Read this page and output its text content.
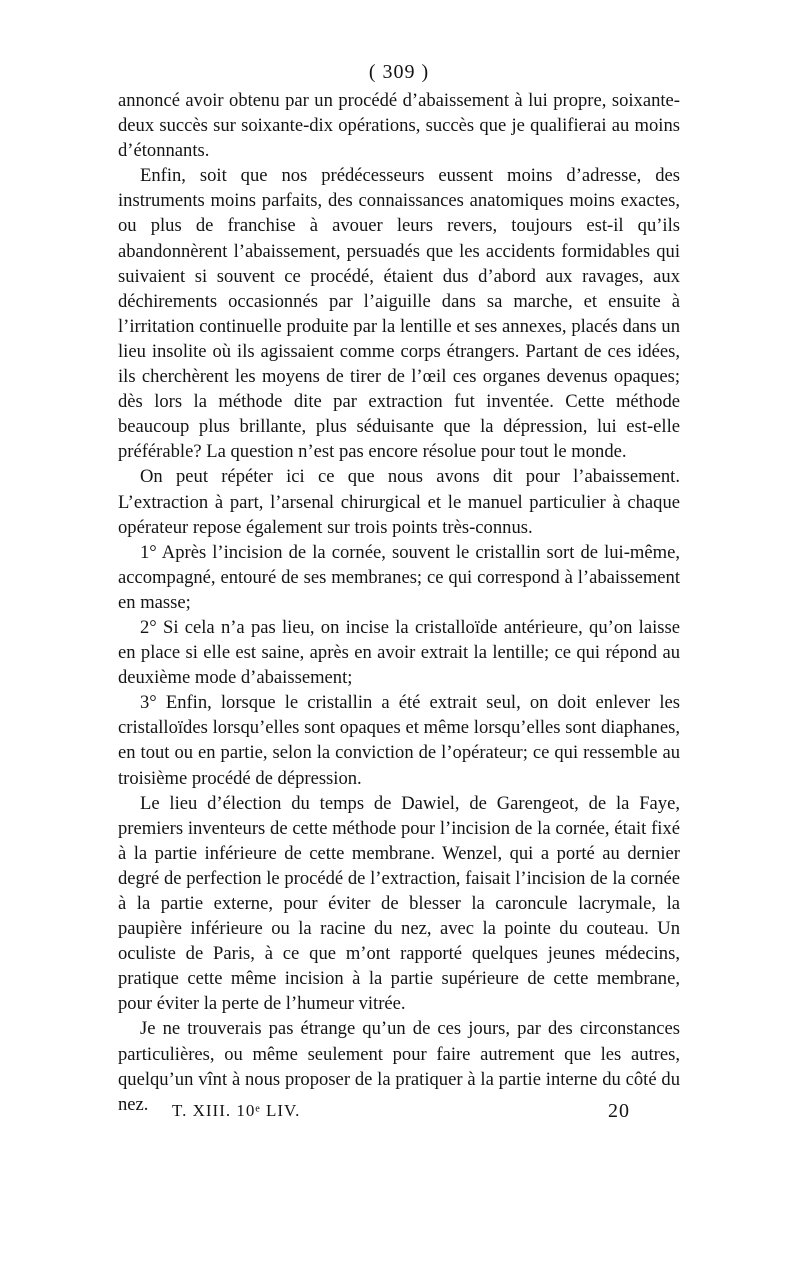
( 309 )

annoncé avoir obtenu par un procédé d’abaissement à lui propre, soixante-deux succès sur soixante-dix opérations, succès que je qualifierai au moins d’étonnants.

Enfin, soit que nos prédécesseurs eussent moins d’adresse, des instruments moins parfaits, des connaissances anatomiques moins exactes, ou plus de franchise à avouer leurs revers, toujours est-il qu’ils abandonnèrent l’abaissement, persuadés que les accidents formidables qui suivaient si souvent ce procédé, étaient dus d’abord aux ravages, aux déchirements occasionnés par l’aiguille dans sa marche, et ensuite à l’irritation continuelle produite par la lentille et ses annexes, placés dans un lieu insolite où ils agissaient comme corps étrangers. Partant de ces idées, ils cherchèrent les moyens de tirer de l’œil ces organes devenus opaques; dès lors la méthode dite par extraction fut inventée. Cette méthode beaucoup plus brillante, plus séduisante que la dépression, lui est-elle préférable? La question n’est pas encore résolue pour tout le monde.

On peut répéter ici ce que nous avons dit pour l’abaissement. L’extraction à part, l’arsenal chirurgical et le manuel particulier à chaque opérateur repose également sur trois points très-connus.

1° Après l’incision de la cornée, souvent le cristallin sort de lui-même, accompagné, entouré de ses membranes; ce qui correspond à l’abaissement en masse;

2° Si cela n’a pas lieu, on incise la cristalloïde antérieure, qu’on laisse en place si elle est saine, après en avoir extrait la lentille; ce qui répond au deuxième mode d’abaissement;

3° Enfin, lorsque le cristallin a été extrait seul, on doit enlever les cristalloïdes lorsqu’elles sont opaques et même lorsqu’elles sont diaphanes, en tout ou en partie, selon la conviction de l’opérateur; ce qui ressemble au troisième procédé de dépression.

Le lieu d’élection du temps de Dawiel, de Garengeot, de la Faye, premiers inventeurs de cette méthode pour l’incision de la cornée, était fixé à la partie inférieure de cette membrane. Wenzel, qui a porté au dernier degré de perfection le procédé de l’extraction, faisait l’incision de la cornée à la partie externe, pour éviter de blesser la caroncule lacrymale, la paupière inférieure ou la racine du nez, avec la pointe du couteau. Un oculiste de Paris, à ce que m’ont rapporté quelques jeunes médecins, pratique cette même incision à la partie supérieure de cette membrane, pour éviter la perte de l’humeur vitrée.

Je ne trouverais pas étrange qu’un de ces jours, par des circonstances particulières, ou même seulement pour faire autrement que les autres, quelqu’un vînt à nous proposer de la pratiquer à la partie interne du côté du nez.	T. XIII. 10ᵉ LIV.	20
